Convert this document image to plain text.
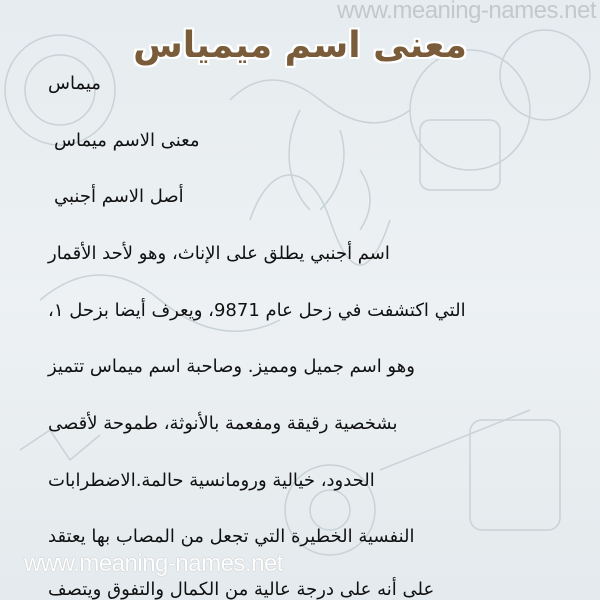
www.meaning-names.net
معنى اسم ميمياس
ميماس
معنى الاسم ميماس
أصل الاسم أجنبي
اسم أجنبي يطلق على الإناث، وهو لأحد الأقمار
التي اكتشفت في زحل عام 9871، ويعرف أيضا بزحل ١،
وهو اسم جميل ومميز. وصاحبة اسم ميماس تتميز
بشخصية رقيقة ومفعمة بالأنوثة، طموحة لأقصى
الحدود، خيالية ورومانسية حالمة.الاضطرابات
النفسية الخطيرة التي تجعل من المصاب بها يعتقد
على أنه على درجة عالية من الكمال والتفوق ويتصف
www.meaning-names.net
